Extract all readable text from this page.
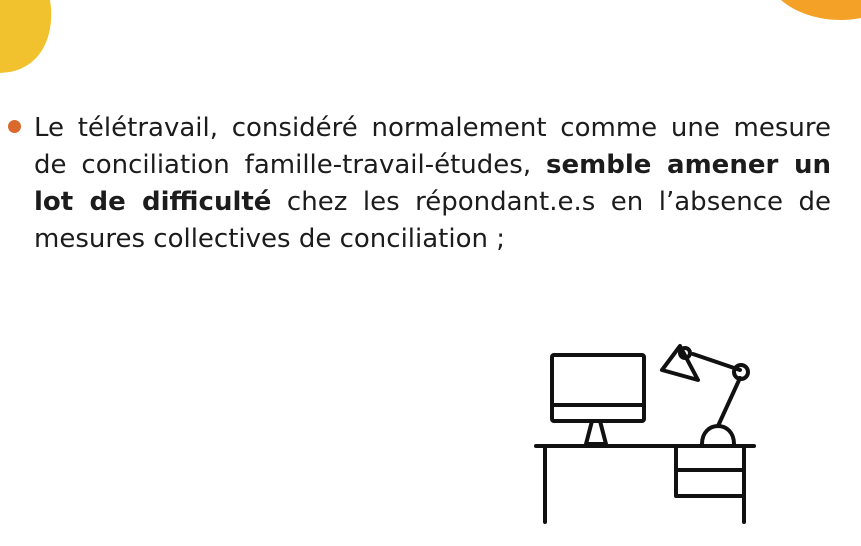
Le télétravail, considéré normalement comme une mesure de conciliation famille-travail-études, semble amener un lot de difficulté chez les répondant.e.s en l’absence de mesures collectives de conciliation ;
